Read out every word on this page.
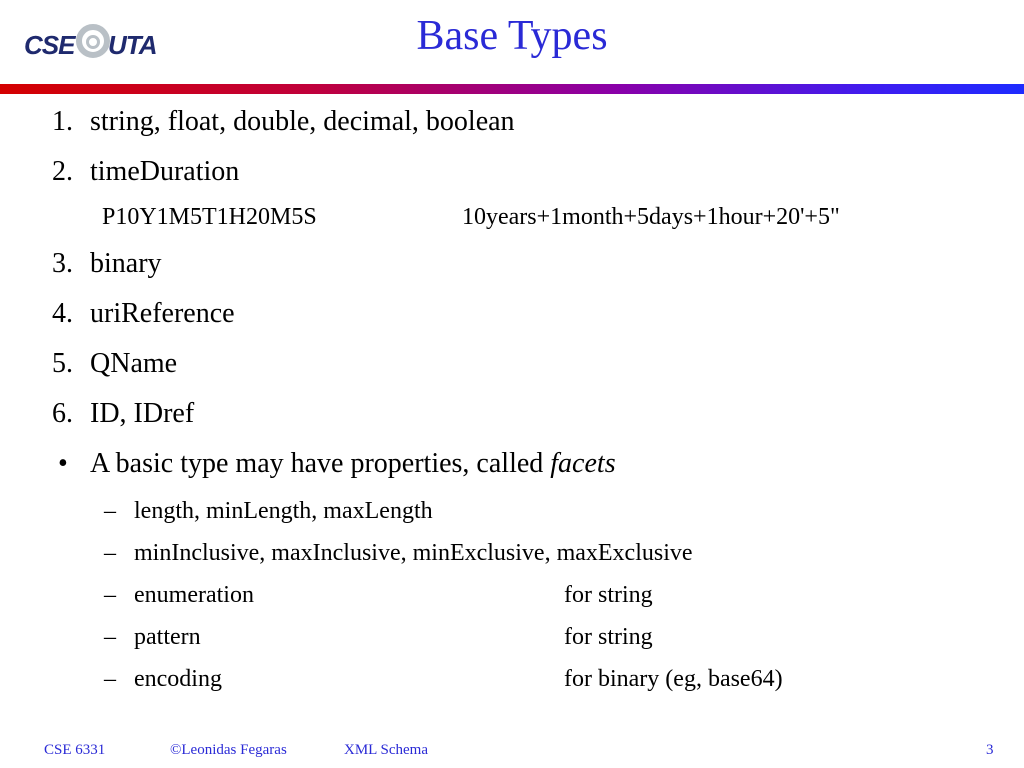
CSE UTA	Base Types
1. string, float, double, decimal, boolean
2. timeDuration
P10Y1M5T1H20M5S	10years+1month+5days+1hour+20'+5"
3. binary
4. uriReference
5. QName
6. ID, IDref
• A basic type may have properties, called facets
– length, minLength, maxLength
– minInclusive, maxInclusive, minExclusive, maxExclusive
– enumeration	for string
– pattern	for string
– encoding	for binary (eg, base64)
CSE 6331	©Leonidas Fegaras	XML Schema	3
